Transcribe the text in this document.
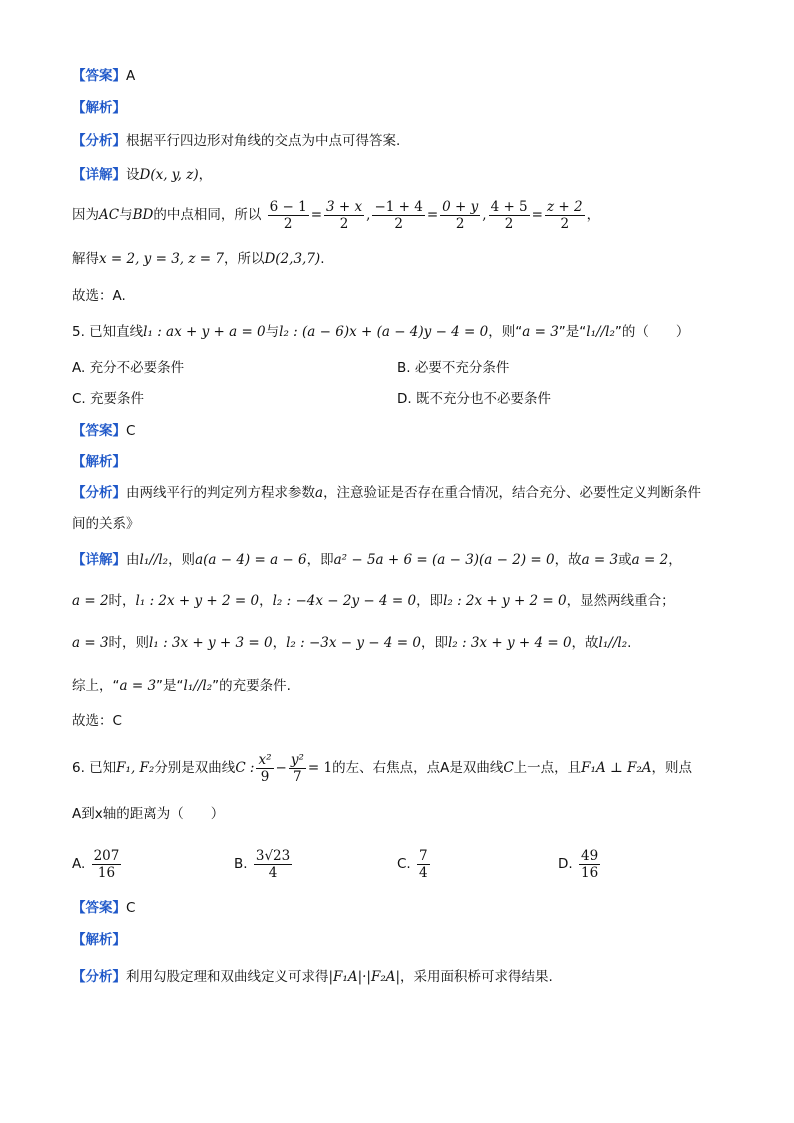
【答案】A
【解析】
【分析】根据平行四边形对角线的交点为中点可得答案.
【详解】设D(x, y, z)，
因为AC与BD的中点相同，所以 $\frac{6 - 1}{2} = \frac{3 + x}{2}$ , $\frac{-1 + 4}{2} = \frac{0 + y}{2}$ , $\frac{4 + 5}{2} = \frac{z + 2}{2}$ ，
解得x = 2, y = 3, z = 7，所以D(2,3,7).
故选：A.
5. 已知直线l₁ : ax + y + a = 0与l₂ : (a − 6)x + (a − 4)y − 4 = 0，则“a = 3”是“l₁//l₂”的（　　）
A. 充分不必要条件	B. 必要不充分条件
C. 充要条件	D. 既不充分也不必要条件
【答案】C
【解析】
【分析】由两线平行的判定列方程求参数a，注意验证是否存在重合情况，结合充分、必要性定义判断条件
间的关系》
【详解】由l₁//l₂，则a(a − 4) = a − 6，即a² − 5a + 6 = (a − 3)(a − 2) = 0，故a = 3或a = 2，
a = 2时，l₁ : 2x + y + 2 = 0，l₂ : −4x − 2y − 4 = 0，即l₂ : 2x + y + 2 = 0，显然两线重合；
a = 3时，则l₁ : 3x + y + 3 = 0，l₂ : −3x − y − 4 = 0，即l₂ : 3x + y + 4 = 0，故l₁//l₂.
综上，“a = 3”是“l₁//l₂”的充要条件.
故选：C
6. 已知F₁, F₂分别是双曲线C : $\frac{\text{x²}}{9} - \frac{\text{y²}}{7} = 1$的左、右焦点，点A是双曲线C上一点，且F₁A ⊥ F₂A，则点
A到x轴的距离为（　　）
A. $\frac{207}{16}$	B. $\frac{3√23}{4}$	C. $\frac{7}{4}$	D. $\frac{49}{16}$
【答案】C
【解析】
【分析】利用勾股定理和双曲线定义可求得|F₁A|·|F₂A|，采用面积桥可求得结果.
